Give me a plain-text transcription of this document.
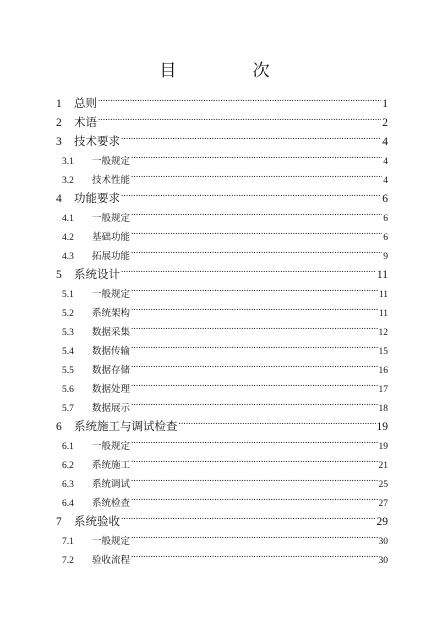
目 次
1	总则 .....	1
2	术语 .....	2
3	技术要求 .....	4
3.1	一般规定 .....	4
3.2	技术性能 .....	4
4	功能要求 .....	6
4.1	一般规定 .....	6
4.2	基础功能 .....	6
4.3	拓展功能 .....	9
5	系统设计 .....	11
5.1	一般规定 .....	11
5.2	系统架构 .....	11
5.3	数据采集 .....	12
5.4	数据传输 .....	15
5.5	数据存储 .....	16
5.6	数据处理 .....	17
5.7	数据展示 .....	18
6	系统施工与调试检查 .....	19
6.1	一般规定 .....	19
6.2	系统施工 .....	21
6.3	系统调试 .....	25
6.4	系统检查 .....	27
7	系统验收 .....	29
7.1	一般规定 .....	30
7.2	验收流程 .....	30
